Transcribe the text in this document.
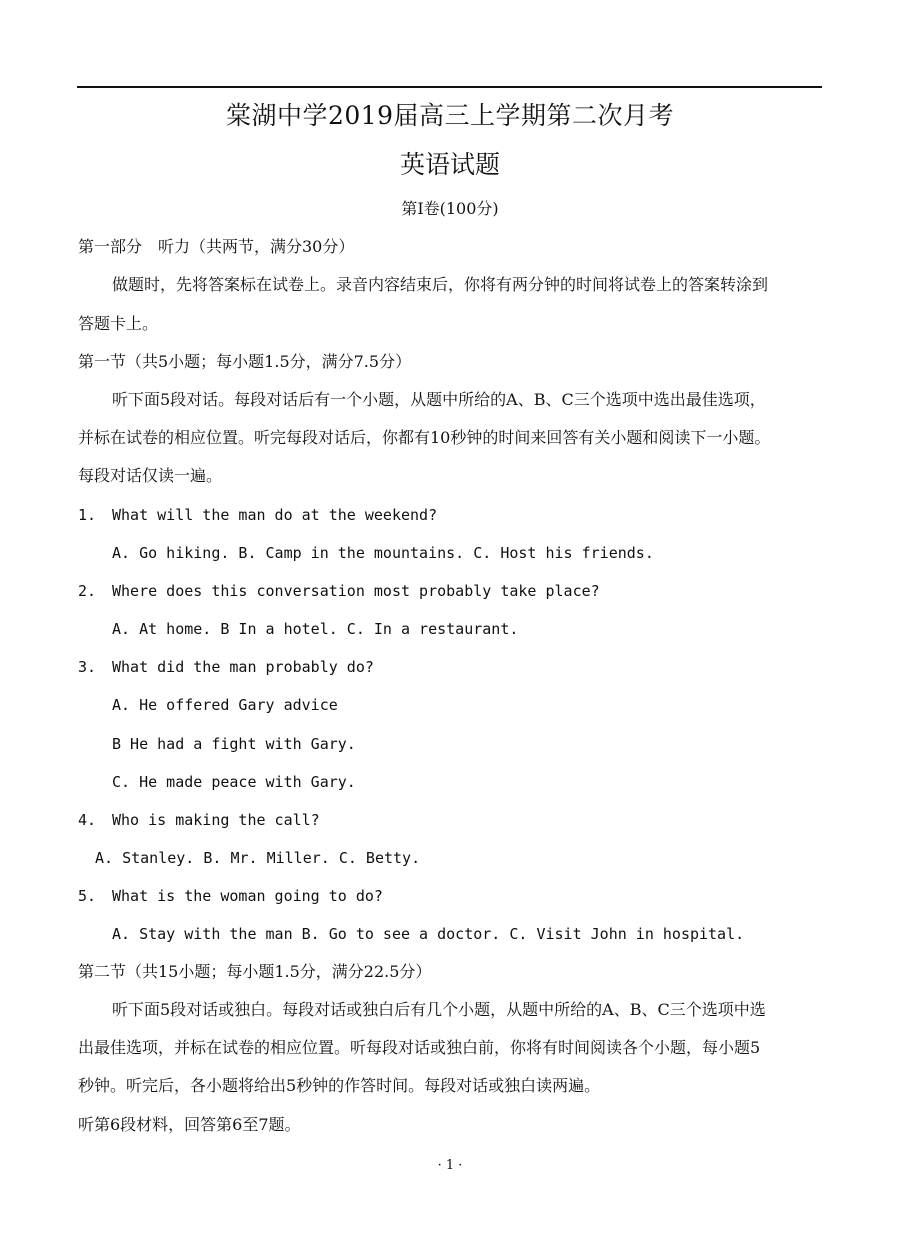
棠湖中学2019届高三上学期第二次月考
英语试题
第I卷(100分)
第一部分　听力（共两节，满分30分）
做题时，先将答案标在试卷上。录音内容结束后，你将有两分钟的时间将试卷上的答案转涂到
答题卡上。
第一节（共5小题；每小题1.5分，满分7.5分）
听下面5段对话。每段对话后有一个小题，从题中所给的A、B、C三个选项中选出最佳选项，
并标在试卷的相应位置。听完每段对话后，你都有10秒钟的时间来回答有关小题和阅读下一小题。
每段对话仅读一遍。
1. What will the man do at the weekend?
A. Go hiking. B. Camp in the mountains. C. Host his friends.
2. Where does this conversation most probably take place?
A. At home. B In a hotel. C. In a restaurant.
3. What did the man probably do?
A. He offered Gary advice
B He had a fight with Gary.
C. He made peace with Gary.
4. Who is making the call?
A. Stanley. B. Mr. Miller. C. Betty.
5. What is the woman going to do?
A. Stay with the man B. Go to see a doctor. C. Visit John in hospital.
第二节（共15小题；每小题1.5分，满分22.5分）
听下面5段对话或独白。每段对话或独白后有几个小题，从题中所给的A、B、C三个选项中选
出最佳选项，并标在试卷的相应位置。听每段对话或独白前，你将有时间阅读各个小题，每小题5
秒钟。听完后，各小题将给出5秒钟的作答时间。每段对话或独白读两遍。
听第6段材料，回答第6至7题。
· 1 ·
